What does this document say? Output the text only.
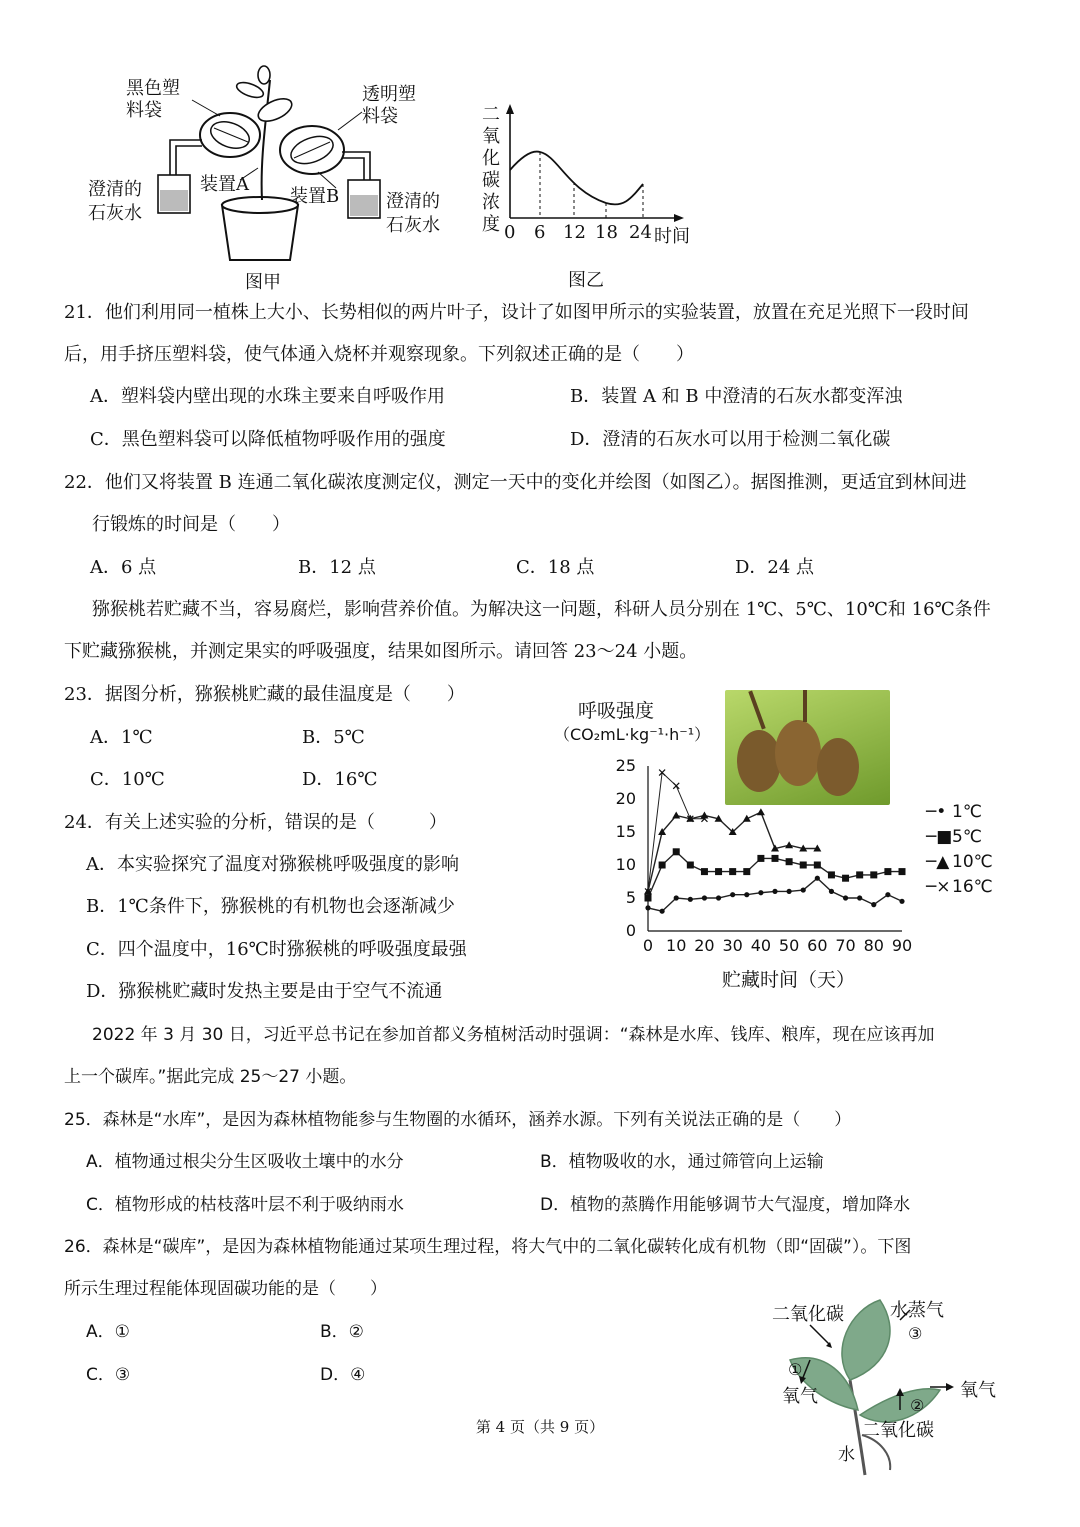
黑色塑料袋
透明塑料袋
装置A
装置B
澄清的石灰水
澄清的石灰水
图甲
二氧化碳浓度 0 6 12 18 24 时间
图乙
21．他们利用同一植株上大小、长势相似的两片叶子，设计了如图甲所示的实验装置，放置在充足光照下一段时间
后，用手挤压塑料袋，使气体通入烧杯并观察现象。下列叙述正确的是（　　）
A．塑料袋内壁出现的水珠主要来自呼吸作用	B．装置 A 和 B 中澄清的石灰水都变浑浊
C．黑色塑料袋可以降低植物呼吸作用的强度	D．澄清的石灰水可以用于检测二氧化碳
22．他们又将装置 B 连通二氧化碳浓度测定仪，测定一天中的变化并绘图（如图乙）。据图推测，更适宜到林间进
行锻炼的时间是（　　）
A．6 点	B．12 点	C．18 点	D．24 点
猕猴桃若贮藏不当，容易腐烂，影响营养价值。为解决这一问题，科研人员分别在 1℃、5℃、10℃和 16℃条件
下贮藏猕猴桃，并测定果实的呼吸强度，结果如图所示。请回答 23～24 小题。
23．据图分析，猕猴桃贮藏的最佳温度是（　　）
A．1℃	B．5℃
C．10℃	D．16℃
24．有关上述实验的分析，错误的是（　　　）
A．本实验探究了温度对猕猴桃呼吸强度的影响
B．1℃条件下，猕猴桃的有机物也会逐渐减少
C．四个温度中，16℃时猕猴桃的呼吸强度最强
D．猕猴桃贮藏时发热主要是由于空气不流通
呼吸强度
（CO₂mL·kg⁻¹·h⁻¹）
0
5
10
15
20
25
0 10 20 30 40 50 60 70 80 90
贮藏时间（天）
─• 1℃
─■5℃
─▲ 10℃
─×16℃
2022 年 3 月 30 日，习近平总书记在参加首都义务植树活动时强调：“森林是水库、钱库、粮库，现在应该再加
上一个碳库。”据此完成 25～27 小题。
25．森林是“水库”，是因为森林植物能参与生物圈的水循环，涵养水源。下列有关说法正确的是（　　）
A．植物通过根尖分生区吸收土壤中的水分	B．植物吸收的水，通过筛管向上运输
C．植物形成的枯枝落叶层不利于吸纳雨水	D．植物的蒸腾作用能够调节大气湿度，增加降水
26．森林是“碳库”，是因为森林植物能通过某项生理过程，将大气中的二氧化碳转化成有机物（即“固碳”）。下图
所示生理过程能体现固碳功能的是（　　）
A．①	B．②
C．③	D．④
二氧化碳	水蒸气
③
①
氧气	氧气
②
二氧化碳
水
第 4 页（共 9 页）
